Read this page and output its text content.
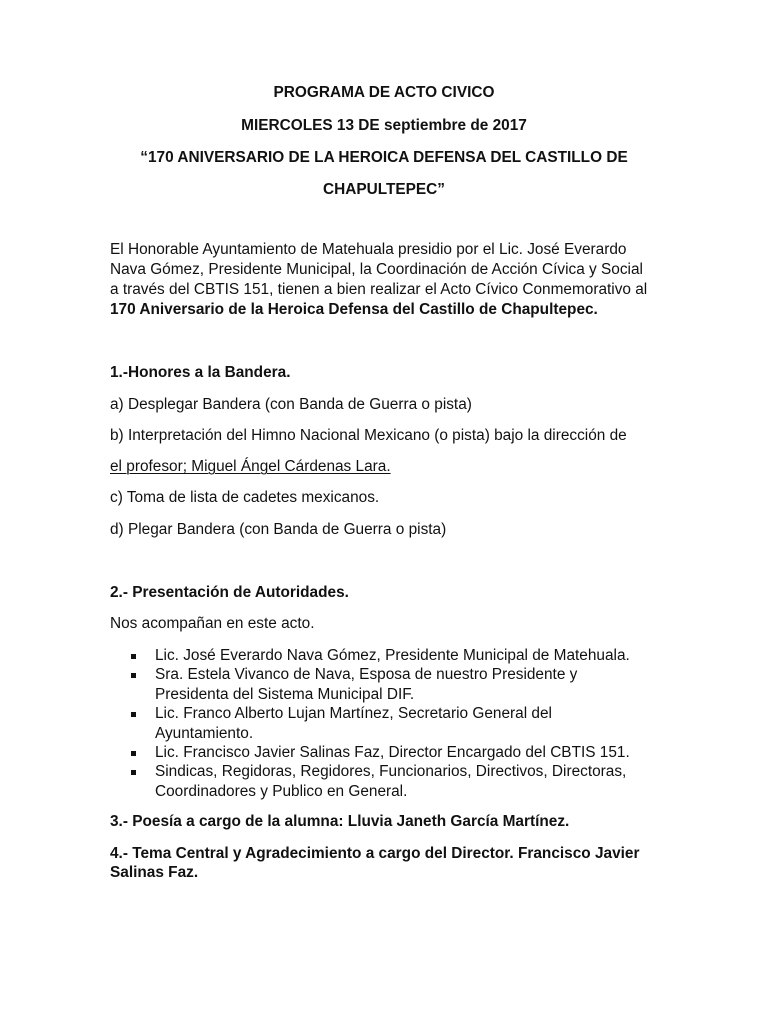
PROGRAMA DE ACTO CIVICO

MIERCOLES 13 DE septiembre de 2017

“170 ANIVERSARIO DE LA HEROICA DEFENSA DEL CASTILLO DE

CHAPULTEPEC”

El Honorable Ayuntamiento de Matehuala presidio por el Lic. José Everardo

Nava Gómez, Presidente Municipal, la Coordinación de Acción Cívica y Social

a través del CBTIS 151, tienen a bien realizar el Acto Cívico Conmemorativo al

170 Aniversario de la Heroica Defensa del Castillo de Chapultepec.

1.-Honores a la Bandera.

a) Desplegar Bandera (con Banda de Guerra o pista)

b) Interpretación del Himno Nacional Mexicano (o pista) bajo la dirección de

el profesor; Miguel Ángel Cárdenas Lara.

c) Toma de lista de cadetes mexicanos.

d) Plegar Bandera (con Banda de Guerra o pista)

2.- Presentación de Autoridades.

Nos acompañan en este acto.

Lic. José Everardo Nava Gómez, Presidente Municipal de Matehuala.
Sra. Estela Vivanco de Nava, Esposa de nuestro Presidente y
Presidenta del Sistema Municipal DIF.
Lic. Franco Alberto Lujan Martínez, Secretario General del
Ayuntamiento.
Lic. Francisco Javier Salinas Faz, Director Encargado del CBTIS 151.
Sindicas, Regidoras, Regidores, Funcionarios, Directivos, Directoras,
Coordinadores y Publico en General.

3.- Poesía a cargo de la alumna: Lluvia Janeth García Martínez.

4.- Tema Central y Agradecimiento a cargo del Director. Francisco Javier

Salinas Faz.
